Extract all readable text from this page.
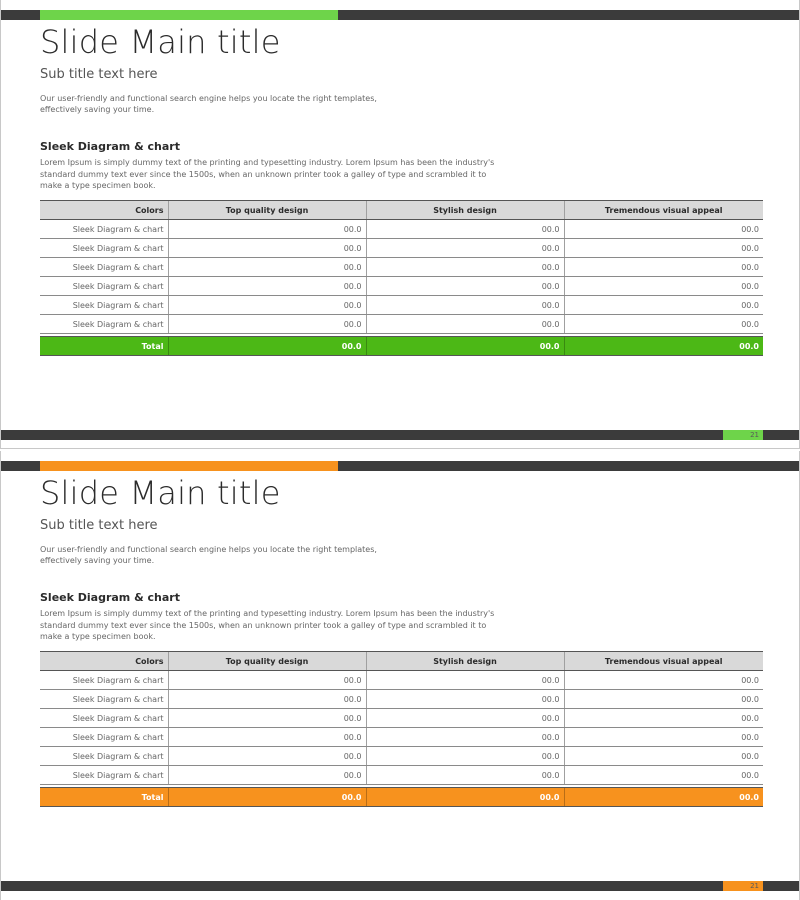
Slide Main title
Sub title text here
Our user-friendly and functional search engine helps you locate the right templates,
effectively saving your time.
Sleek Diagram & chart
Lorem Ipsum is simply dummy text of the printing and typesetting industry. Lorem Ipsum has been the industry's
standard dummy text ever since the 1500s, when an unknown printer took a galley of type and scrambled it to
make a type specimen book.
Colors	Top quality design	Stylish design	Tremendous visual appeal
Sleek Diagram & chart	00.0	00.0	00.0
Sleek Diagram & chart	00.0	00.0	00.0
Sleek Diagram & chart	00.0	00.0	00.0
Sleek Diagram & chart	00.0	00.0	00.0
Sleek Diagram & chart	00.0	00.0	00.0
Sleek Diagram & chart	00.0	00.0	00.0

Total	00.0	00.0	00.0
21
Slide Main title
Sub title text here
Our user-friendly and functional search engine helps you locate the right templates,
effectively saving your time.
Sleek Diagram & chart
Lorem Ipsum is simply dummy text of the printing and typesetting industry. Lorem Ipsum has been the industry's
standard dummy text ever since the 1500s, when an unknown printer took a galley of type and scrambled it to
make a type specimen book.
Colors	Top quality design	Stylish design	Tremendous visual appeal
Sleek Diagram & chart	00.0	00.0	00.0
Sleek Diagram & chart	00.0	00.0	00.0
Sleek Diagram & chart	00.0	00.0	00.0
Sleek Diagram & chart	00.0	00.0	00.0
Sleek Diagram & chart	00.0	00.0	00.0
Sleek Diagram & chart	00.0	00.0	00.0

Total	00.0	00.0	00.0
21
